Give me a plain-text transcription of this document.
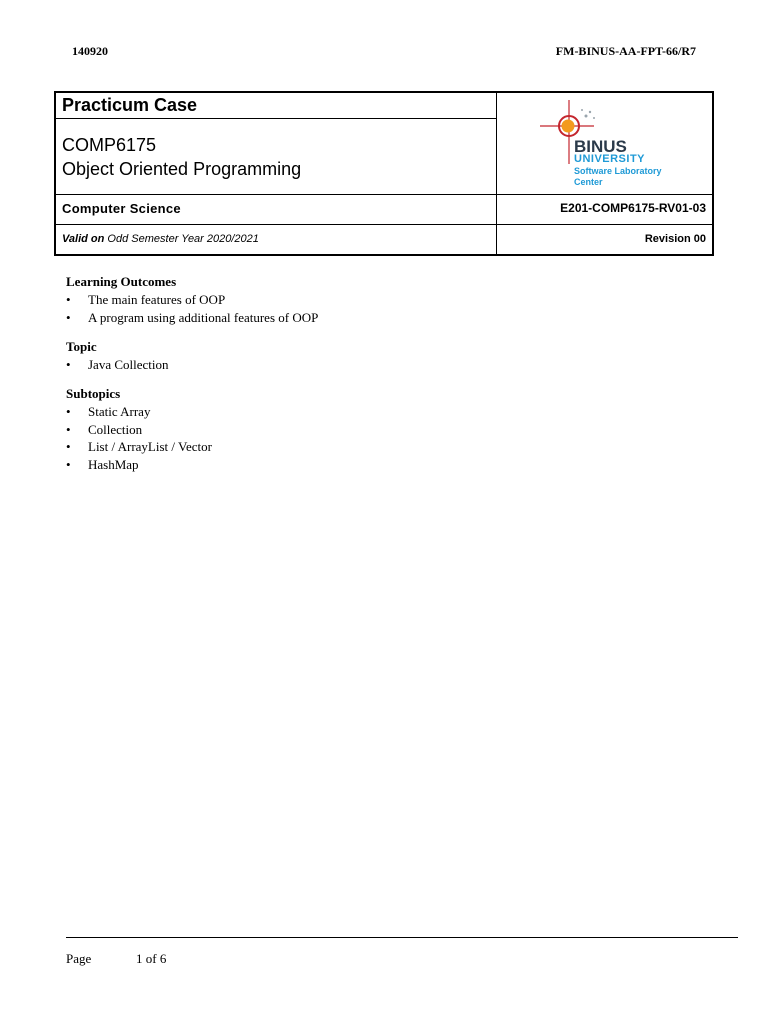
140920	FM-BINUS-AA-FPT-66/R7
Practicum Case
COMP6175
Object Oriented Programming
Computer Science	E201-COMP6175-RV01-03
Valid on Odd Semester Year 2020/2021	Revision 00
BINUS
UNIVERSITY
Software Laboratory
Center
Learning Outcomes
• The main features of OOP
• A program using additional features of OOP
Topic
• Java Collection
Subtopics
• Static Array
• Collection
• List / ArrayList / Vector
• HashMap
Page	1 of 6
